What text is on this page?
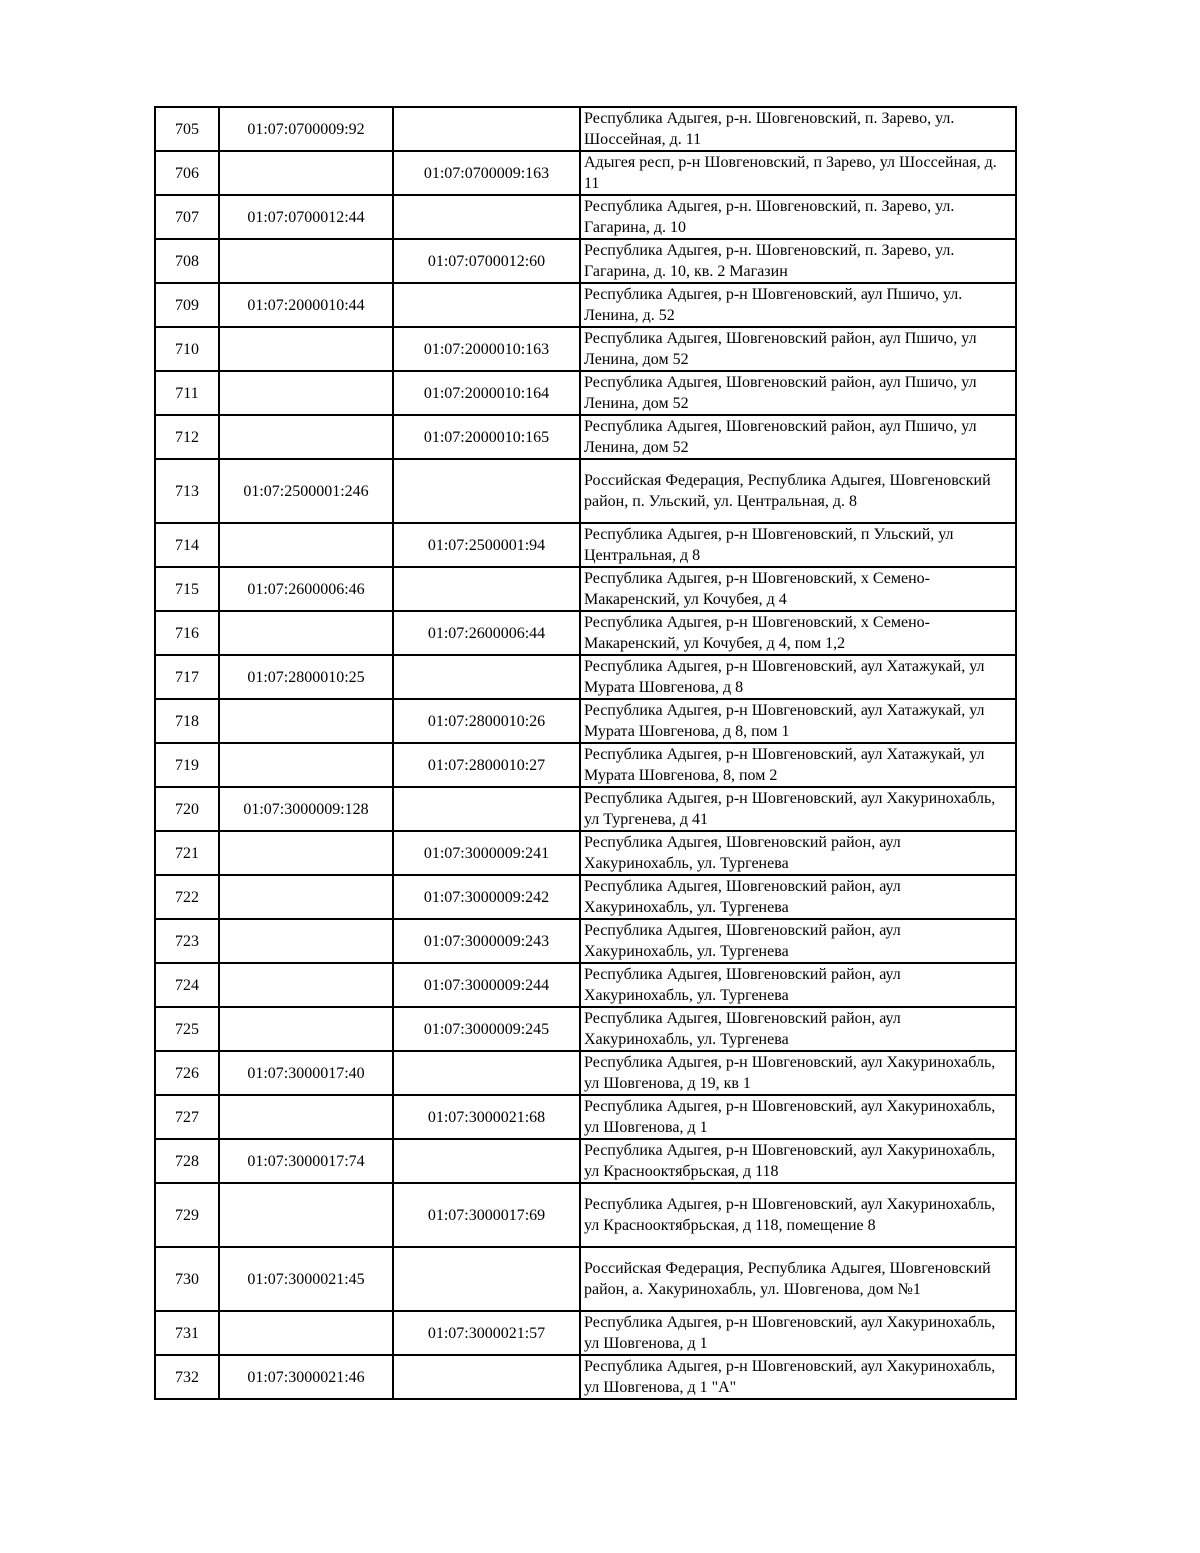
705	01:07:0700009:92		Республика Адыгея, р-н. Шовгеновский, п. Зарево, ул. Шоссейная, д. 11
706		01:07:0700009:163	Адыгея респ, р-н Шовгеновский, п Зарево, ул Шоссейная, д. 11
707	01:07:0700012:44		Республика Адыгея, р-н. Шовгеновский, п. Зарево, ул. Гагарина, д. 10
708		01:07:0700012:60	Республика Адыгея, р-н. Шовгеновский, п. Зарево, ул. Гагарина, д. 10, кв. 2 Магазин
709	01:07:2000010:44		Республика Адыгея, р-н Шовгеновский, аул Пшичо, ул. Ленина, д. 52
710		01:07:2000010:163	Республика Адыгея, Шовгеновский район, аул Пшичо, ул Ленина, дом 52
711		01:07:2000010:164	Республика Адыгея, Шовгеновский район, аул Пшичо, ул Ленина, дом 52
712		01:07:2000010:165	Республика Адыгея, Шовгеновский район, аул Пшичо, ул Ленина, дом 52
713	01:07:2500001:246		Российская Федерация, Республика Адыгея, Шовгеновский район, п. Ульский, ул. Центральная, д. 8
714		01:07:2500001:94	Республика Адыгея, р-н Шовгеновский, п Ульский, ул Центральная, д 8
715	01:07:2600006:46		Республика Адыгея, р-н Шовгеновский, х Семено-Макаренский, ул Кочубея, д 4
716		01:07:2600006:44	Республика Адыгея, р-н Шовгеновский, х Семено-Макаренский, ул Кочубея, д 4, пом 1,2
717	01:07:2800010:25		Республика Адыгея, р-н Шовгеновский, аул Хатажукай, ул Мурата Шовгенова, д 8
718		01:07:2800010:26	Республика Адыгея, р-н Шовгеновский, аул Хатажукай, ул Мурата Шовгенова, д 8, пом 1
719		01:07:2800010:27	Республика Адыгея, р-н Шовгеновский, аул Хатажукай, ул Мурата Шовгенова, 8, пом 2
720	01:07:3000009:128		Республика Адыгея, р-н Шовгеновский, аул Хакуринохабль, ул Тургенева, д 41
721		01:07:3000009:241	Республика Адыгея, Шовгеновский район, аул Хакуринохабль, ул. Тургенева
722		01:07:3000009:242	Республика Адыгея, Шовгеновский район, аул Хакуринохабль, ул. Тургенева
723		01:07:3000009:243	Республика Адыгея, Шовгеновский район, аул Хакуринохабль, ул. Тургенева
724		01:07:3000009:244	Республика Адыгея, Шовгеновский район, аул Хакуринохабль, ул. Тургенева
725		01:07:3000009:245	Республика Адыгея, Шовгеновский район, аул Хакуринохабль, ул. Тургенева
726	01:07:3000017:40		Республика Адыгея, р-н Шовгеновский, аул Хакуринохабль, ул Шовгенова, д 19, кв 1
727		01:07:3000021:68	Республика Адыгея, р-н Шовгеновский, аул Хакуринохабль, ул Шовгенова, д 1
728	01:07:3000017:74		Республика Адыгея, р-н Шовгеновский, аул Хакуринохабль, ул Краснооктябрьская, д 118
729		01:07:3000017:69	Республика Адыгея, р-н Шовгеновский, аул Хакуринохабль, ул Краснооктябрьская, д 118, помещение 8
730	01:07:3000021:45		Российская Федерация, Республика Адыгея, Шовгеновский район, а. Хакуринохабль, ул. Шовгенова, дом №1
731		01:07:3000021:57	Республика Адыгея, р-н Шовгеновский, аул Хакуринохабль, ул Шовгенова, д 1
732	01:07:3000021:46		Республика Адыгея, р-н Шовгеновский, аул Хакуринохабль, ул Шовгенова, д 1 "А"
